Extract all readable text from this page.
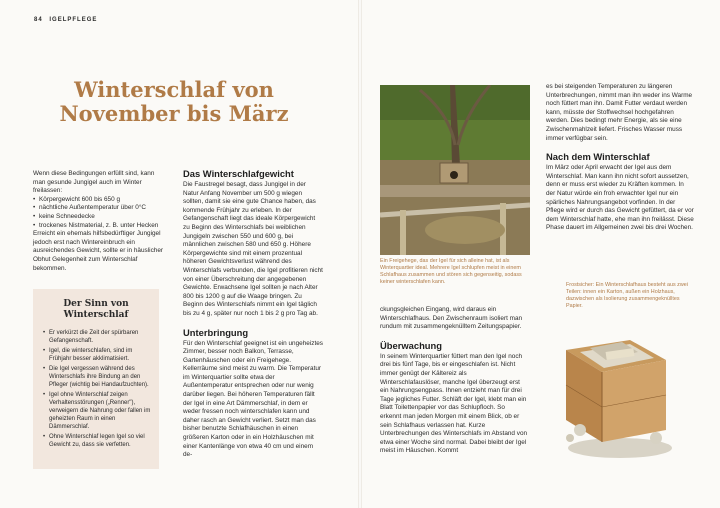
84 IGELPFLEGE
Winterschlaf von
November bis März
Wenn diese Bedingungen erfüllt sind, kann man gesunde Jungigel auch im Winter freilassen:
• Körpergewicht 600 bis 650 g
• nächtliche Außentemperatur über 0°C
• keine Schneedecke
• trockenes Nistmaterial, z. B. unter Hecken
Erreicht ein ehemals hilfsbedürftiger Jungigel jedoch erst nach Wintereinbruch ein ausreichendes Gewicht, sollte er in häuslicher Obhut Gelegenheit zum Winterschlaf bekommen.
Der Sinn von
Winterschlaf
• Er verkürzt die Zeit der spürbaren Gefangenschaft.
• Igel, die winterschlafen, sind im Frühjahr besser akklimatisiert.
• Die Igel vergessen während des Winterschlafs ihre Bindung an den Pfleger (wichtig bei Handaufzuchten).
• Igel ohne Winterschlaf zeigen Verhaltensstörungen („Renner"), verweigern die Nahrung oder fallen im geheizten Raum in einen Dämmerschlaf.
• Ohne Winterschlaf legen Igel so viel Gewicht zu, dass sie verfetten.
Das Winterschlafgewicht
Die Faustregel besagt, dass Jungigel in der Natur Anfang November um 500 g wiegen sollten, damit sie eine gute Chance haben, das kommende Frühjahr zu erleben. In der Gefangenschaft liegt das ideale Körpergewicht zu Beginn des Winterschlafs bei weiblichen Jungigeln zwischen 550 und 600 g, bei männlichen zwischen 580 und 650 g. Höhere Körpergewichte sind mit einem prozentual höheren Gewichtsverlust während des Winterschlafs verbunden, die Igel profitieren nicht von einer Überschreitung der angegebenen Gewichte. Erwachsene Igel sollten je nach Alter 800 bis 1200 g auf die Waage bringen. Zu Beginn des Winterschlafs nimmt ein Igel täglich bis zu 4 g, später nur noch 1 bis 2 g pro Tag ab.
Unterbringung
Für den Winterschlaf geeignet ist ein ungeheiztes Zimmer, besser noch Balkon, Terrasse, Gartenhäuschen oder ein Freigehege. Kellerräume sind meist zu warm. Die Temperatur im Winterquartier sollte etwa der Außentemperatur entsprechen oder nur wenig darüber liegen. Bei höheren Temperaturen fällt der Igel in eine Art Dämmerschlaf, in dem er weder fressen noch winterschlafen kann und daher rasch an Gewicht verliert. Setzt man das bisher benutzte Schlafhäuschen in einen größeren Karton oder in ein Holzhäuschen mit einer Kantenlänge von etwa 40 cm und einem de-
Ein Freigehege, das der Igel für sich alleine hat, ist als Winterquartier ideal. Mehrere Igel schlupfen meist in einem Schlafhaus zusammen und stören sich gegenseitig, sodass keiner winterschlafen kann.
ckungsgleichen Eingang, wird daraus ein Winterschlafhaus. Den Zwischenraum isoliert man rundum mit zusammengeknülltem Zeitungspapier.
Überwachung
In seinem Winterquartier füttert man den Igel noch drei bis fünf Tage, bis er eingeschlafen ist. Nicht immer genügt der Kältereiz als Winterschlafauslöser, manche Igel überzeugt erst ein Nahrungsengpass. Ihnen entzieht man für drei Tage jegliches Futter. Schläft der Igel, klebt man ein Blatt Toilettenpapier vor das Schlupfloch. So erkennt man jeden Morgen mit einem Blick, ob er sein Schlafhaus verlassen hat. Kurze Unterbrechungen des Winterschlafs im Abstand von etwa einer Woche sind normal. Dabei bleibt der Igel meist im Häuschen. Kommt
es bei steigenden Temperaturen zu längeren Unterbrechungen, nimmt man ihn weder ins Warme noch füttert man ihn. Damit Futter verdaut werden kann, müsste der Stoffwechsel hochgefahren werden. Dies bedingt mehr Energie, als sie eine Zwischenmahlzeit liefert. Frisches Wasser muss immer verfügbar sein.
Nach dem Winterschlaf
Im März oder April erwacht der Igel aus dem Winterschlaf. Man kann ihn nicht sofort aussetzen, denn er muss erst wieder zu Kräften kommen. In der Natur würde ein froh erwachter Igel nur ein spärliches Nahrungsangebot vorfinden. In der Pflege wird er durch das Gewicht gefüttert, da er vor dem Winterschlaf hatte, ehe man ihn freilässt. Diese Phase dauert im Allgemeinen zwei bis drei Wochen.
Frostsicher: Ein Winterschlafhaus besteht aus zwei Teilen: innen ein Karton, außen ein Holzhaus, dazwischen als Isolierung zusammengeknülltes Papier.
